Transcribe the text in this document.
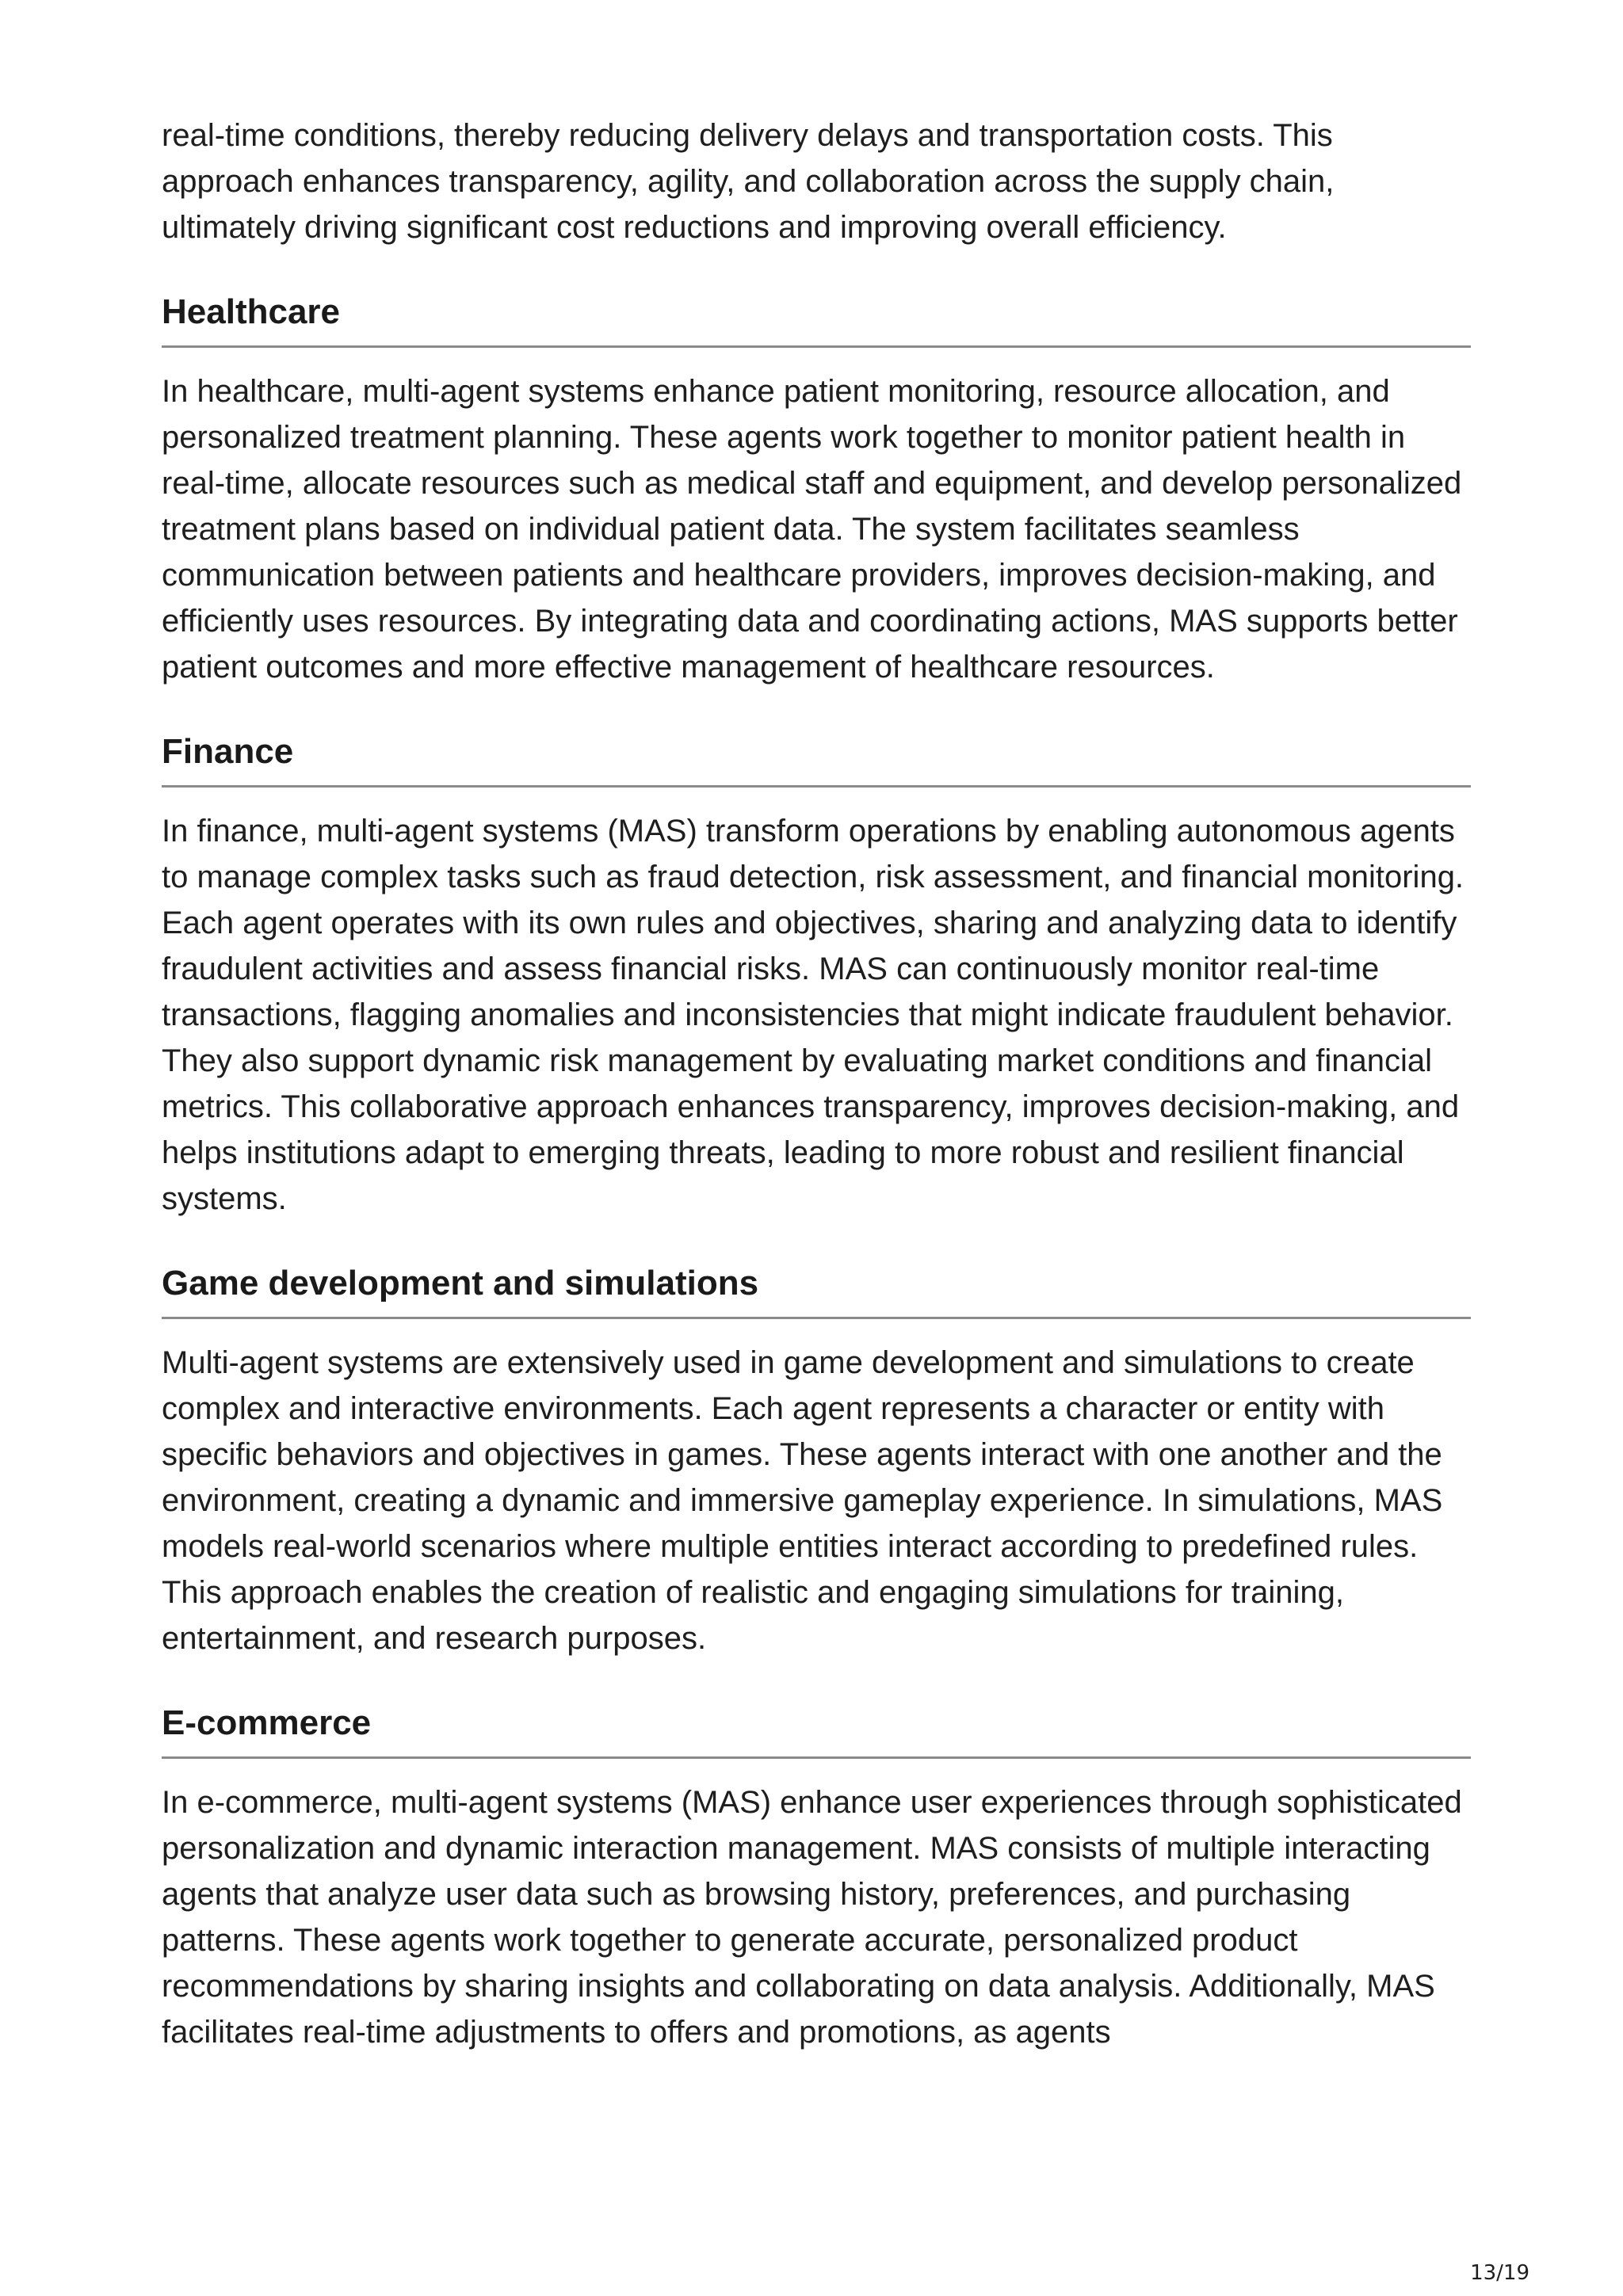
real-time conditions, thereby reducing delivery delays and transportation costs. This approach enhances transparency, agility, and collaboration across the supply chain, ultimately driving significant cost reductions and improving overall efficiency.

Healthcare

In healthcare, multi-agent systems enhance patient monitoring, resource allocation, and personalized treatment planning. These agents work together to monitor patient health in real-time, allocate resources such as medical staff and equipment, and develop personalized treatment plans based on individual patient data. The system facilitates seamless communication between patients and healthcare providers, improves decision-making, and efficiently uses resources. By integrating data and coordinating actions, MAS supports better patient outcomes and more effective management of healthcare resources.

Finance

In finance, multi-agent systems (MAS) transform operations by enabling autonomous agents to manage complex tasks such as fraud detection, risk assessment, and financial monitoring. Each agent operates with its own rules and objectives, sharing and analyzing data to identify fraudulent activities and assess financial risks. MAS can continuously monitor real-time transactions, flagging anomalies and inconsistencies that might indicate fraudulent behavior. They also support dynamic risk management by evaluating market conditions and financial metrics. This collaborative approach enhances transparency, improves decision-making, and helps institutions adapt to emerging threats, leading to more robust and resilient financial systems.

Game development and simulations

Multi-agent systems are extensively used in game development and simulations to create complex and interactive environments. Each agent represents a character or entity with specific behaviors and objectives in games. These agents interact with one another and the environment, creating a dynamic and immersive gameplay experience. In simulations, MAS models real-world scenarios where multiple entities interact according to predefined rules. This approach enables the creation of realistic and engaging simulations for training, entertainment, and research purposes.

E-commerce

In e-commerce, multi-agent systems (MAS) enhance user experiences through sophisticated personalization and dynamic interaction management. MAS consists of multiple interacting agents that analyze user data such as browsing history, preferences, and purchasing patterns. These agents work together to generate accurate, personalized product recommendations by sharing insights and collaborating on data analysis. Additionally, MAS facilitates real-time adjustments to offers and promotions, as agents

13/19
